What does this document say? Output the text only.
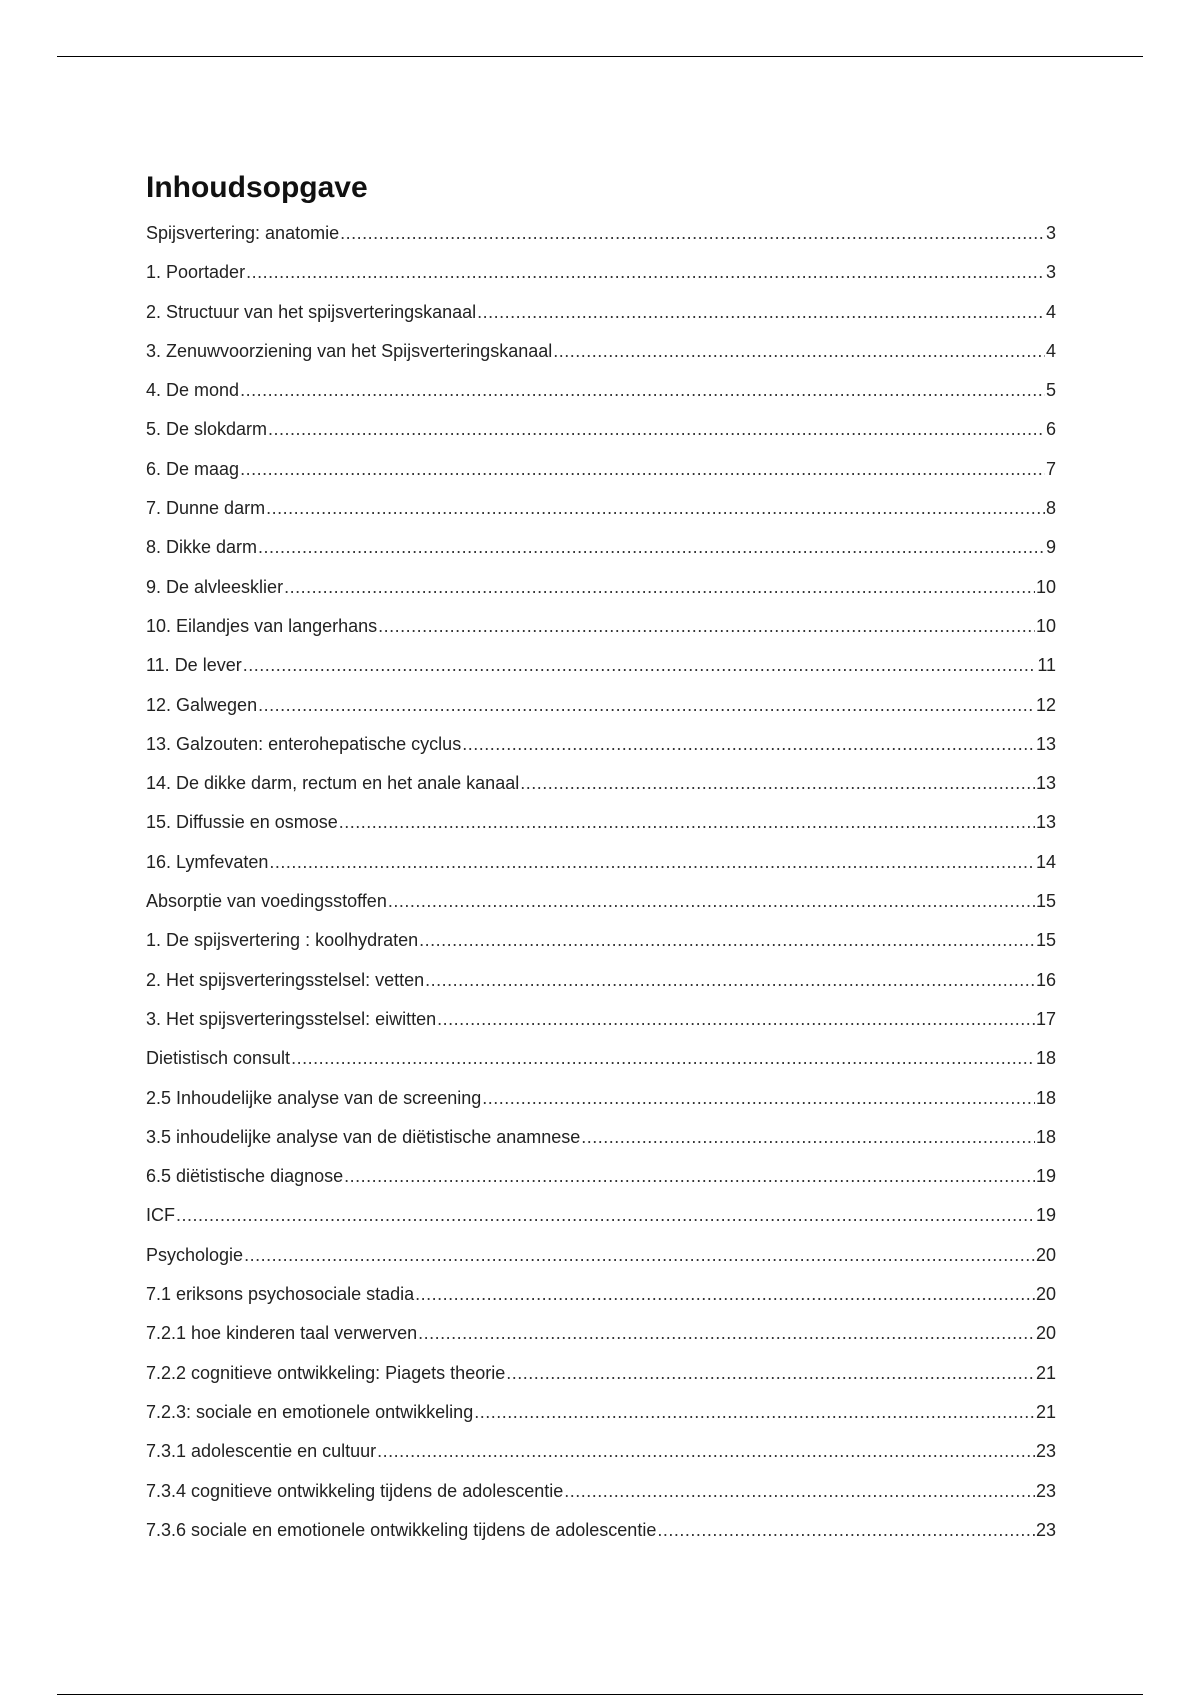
Inhoudsopgave
Spijsvertering: anatomie .....	3
1. Poortader .....	3
2. Structuur van het spijsverteringskanaal .....	4
3. Zenuwvoorziening van het Spijsverteringskanaal .....	4
4. De mond .....	5
5. De slokdarm .....	6
6. De maag .....	7
7. Dunne darm .....	8
8. Dikke darm .....	9
9. De alvleesklier .....	10
10. Eilandjes van langerhans .....	10
11. De lever .....	11
12. Galwegen .....	12
13. Galzouten: enterohepatische cyclus .....	13
14. De dikke darm, rectum en het anale kanaal .....	13
15. Diffussie en osmose .....	13
16. Lymfevaten .....	14
Absorptie van voedingsstoffen .....	15
1. De spijsvertering : koolhydraten .....	15
2. Het spijsverteringsstelsel: vetten .....	16
3. Het spijsverteringsstelsel: eiwitten .....	17
Dietistisch consult .....	18
2.5 Inhoudelijke analyse van de screening .....	18
3.5 inhoudelijke analyse van de diëtistische anamnese .....	18
6.5 diëtistische diagnose .....	19
ICF .....	19
Psychologie .....	20
7.1 eriksons psychosociale stadia .....	20
7.2.1 hoe kinderen taal verwerven .....	20
7.2.2 cognitieve ontwikkeling: Piagets theorie .....	21
7.2.3: sociale en emotionele ontwikkeling .....	21
7.3.1 adolescentie en cultuur .....	23
7.3.4 cognitieve ontwikkeling tijdens de adolescentie .....	23
7.3.6 sociale en emotionele ontwikkeling tijdens de adolescentie .....	23
